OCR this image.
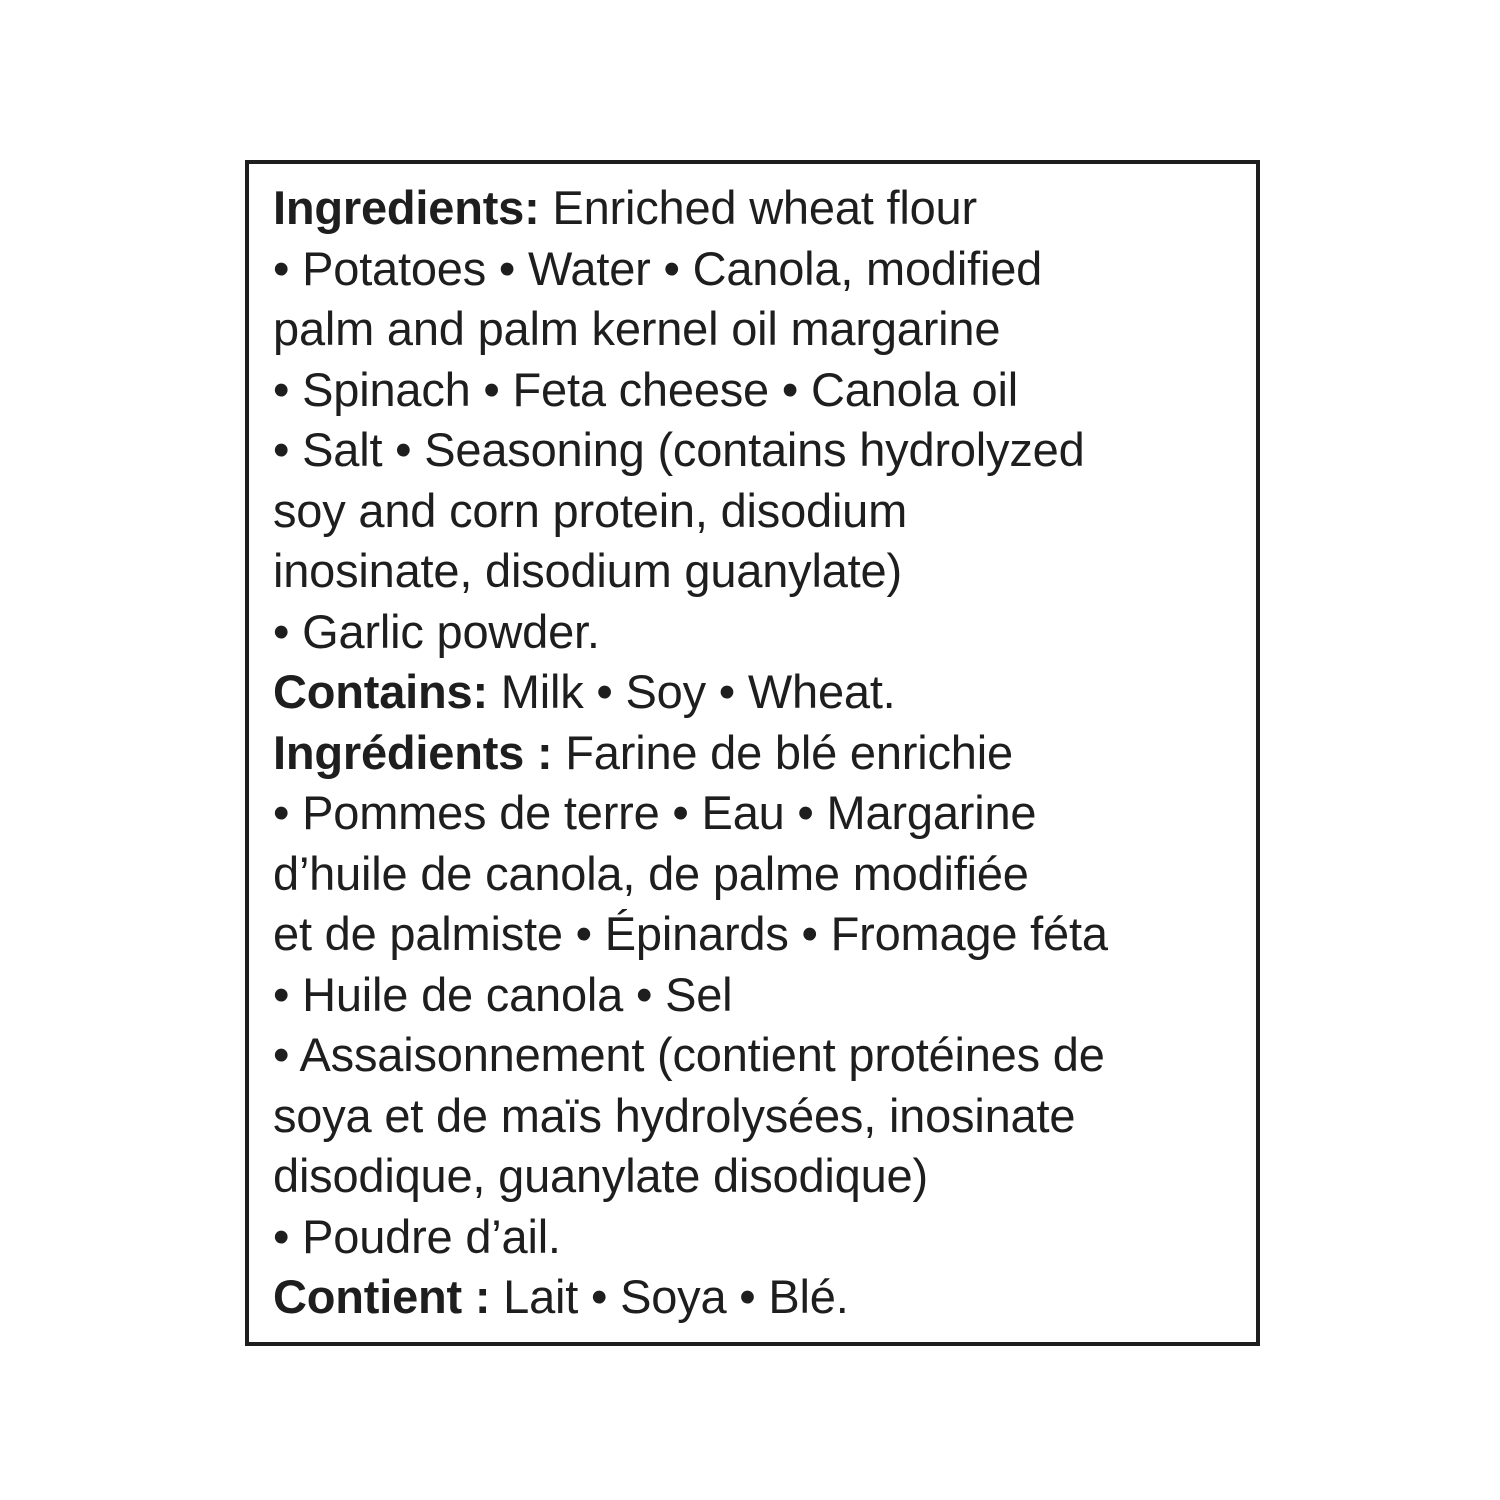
Ingredients: Enriched wheat flour
• Potatoes • Water • Canola, modified
palm and palm kernel oil margarine
• Spinach • Feta cheese • Canola oil
• Salt • Seasoning (contains hydrolyzed
soy and corn protein, disodium
inosinate, disodium guanylate)
• Garlic powder.
Contains: Milk • Soy • Wheat.
Ingrédients : Farine de blé enrichie
• Pommes de terre • Eau • Margarine
d’huile de canola, de palme modifiée
et de palmiste • Épinards • Fromage féta
• Huile de canola • Sel
• Assaisonnement (contient protéines de
soya et de maïs hydrolysées, inosinate
disodique, guanylate disodique)
• Poudre d’ail.
Contient : Lait • Soya • Blé.
